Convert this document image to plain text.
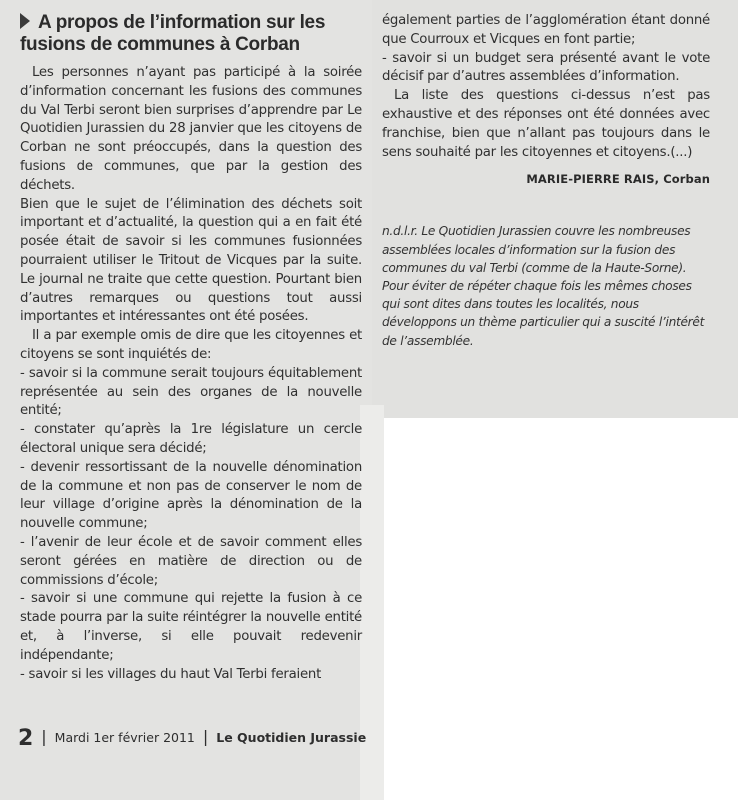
A propos de l’information sur les fusions de communes à Corban

Les personnes n’ayant pas participé à la soirée d’information concernant les fusions des communes du Val Terbi seront bien surprises d’apprendre par Le Quotidien Jurassien du 28 janvier que les citoyens de Corban ne sont préoccupés, dans la question des fusions de communes, que par la gestion des déchets.

Bien que le sujet de l’élimination des déchets soit important et d’actualité, la question qui a en fait été posée était de savoir si les communes fusionnées pourraient utiliser le Tritout de Vicques par la suite. Le journal ne traite que cette question. Pourtant bien d’autres remarques ou questions tout aussi importantes et intéressantes ont été posées.

Il a par exemple omis de dire que les citoyennes et citoyens se sont inquiétés de:

- savoir si la commune serait toujours équitablement représentée au sein des organes de la nouvelle entité;

- constater qu’après la 1re législature un cercle électoral unique sera décidé;

- devenir ressortissant de la nouvelle dénomination de la commune et non pas de conserver le nom de leur village d’origine après la dénomination de la nouvelle commune;

- l’avenir de leur école et de savoir comment elles seront gérées en matière de direction ou de commissions d’école;

- savoir si une commune qui rejette la fusion à ce stade pourra par la suite réintégrer la nouvelle entité et, à l’inverse, si elle pouvait redevenir indépendante;

- savoir si les villages du haut Val Terbi feraient

également parties de l’agglomération étant donné que Courroux et Vicques en font partie;

- savoir si un budget sera présenté avant le vote décisif par d’autres assemblées d’information.

La liste des questions ci-dessus n’est pas exhaustive et des réponses ont été données avec franchise, bien que n’allant pas toujours dans le sens souhaité par les citoyennes et citoyens.(...)

MARIE-PIERRE RAIS, Corban
n.d.l.r. Le Quotidien Jurassien couvre les nombreuses assemblées locales d’information sur la fusion des communes du val Terbi (comme de la Haute-Sorne). Pour éviter de répéter chaque fois les mêmes choses qui sont dites dans toutes les localités, nous développons un thème particulier qui a suscité l’intérêt de l’assemblée.
2 | Mardi 1er février 2011 | Le Quotidien Jurassie
